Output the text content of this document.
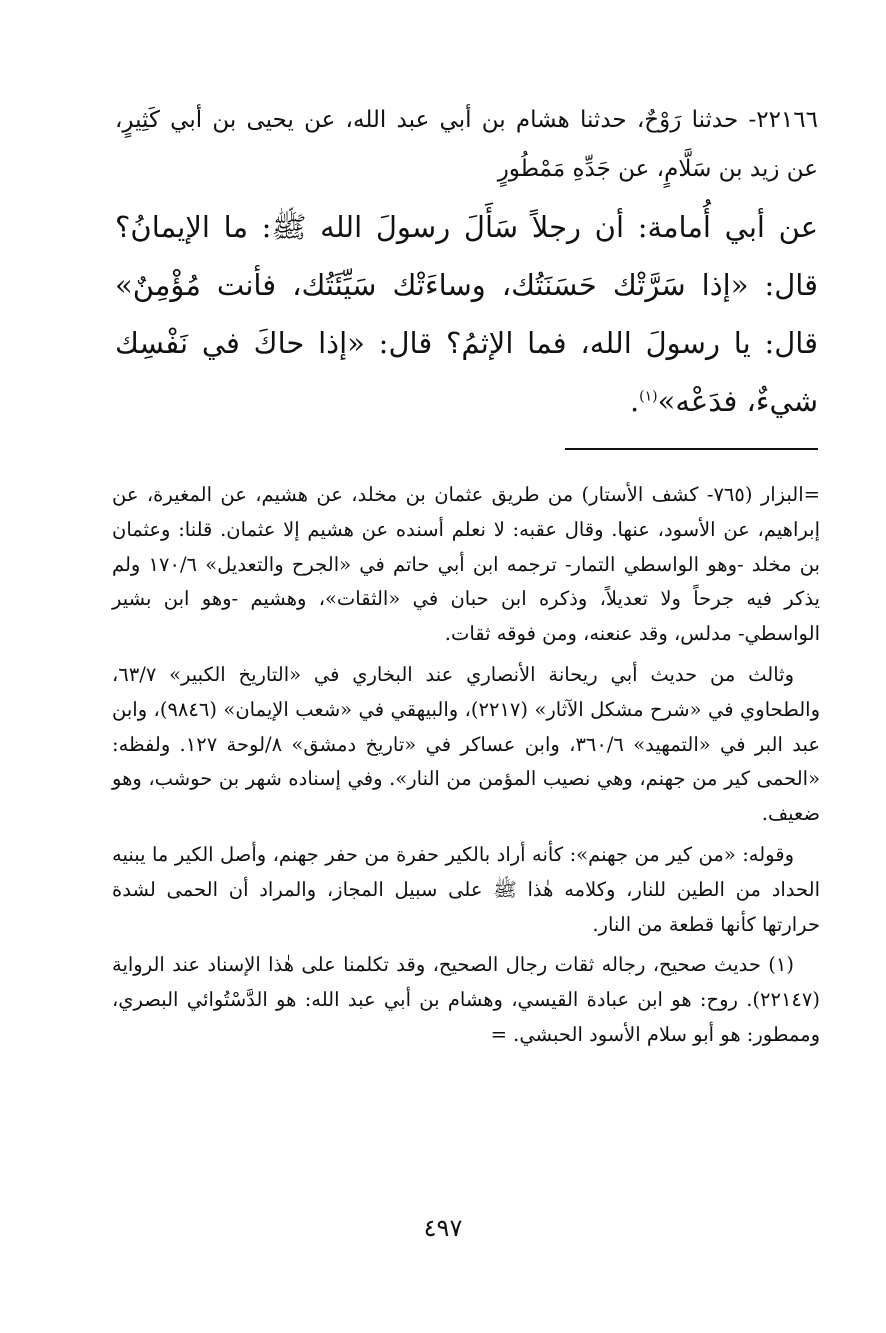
٢٢١٦٦- حدثنا رَوْحٌ، حدثنا هشام بن أبي عبد الله، عن يحيى بن أبي كَثِيرٍ، عن زيد بن سَلَّامٍ، عن جَدِّهِ مَمْطُورٍ

عن أبي أُمامة: أن رجلاً سَأَلَ رسولَ الله ﷺ: ما الإيمانُ؟ قال: «إذا سَرَّتْك حَسَنَتُك، وساءَتْك سَيِّئَتُك، فأنت مُؤْمِنٌ» قال: يا رسولَ الله، فما الإثمُ؟ قال: «إذا حاكَ في نَفْسِك شيءٌ، فدَعْه»$^{(١)}$.

=البزار (٧٦٥- كشف الأستار) من طريق عثمان بن مخلد، عن هشيم، عن المغيرة، عن إبراهيم، عن الأسود، عنها. وقال عقبه: لا نعلم أسنده عن هشيم إلا عثمان. قلنا: وعثمان بن مخلد -وهو الواسطي التمار- ترجمه ابن أبي حاتم في «الجرح والتعديل» ١٧٠/٦ ولم يذكر فيه جرحاً ولا تعديلاً، وذكره ابن حبان في «الثقات»، وهشيم -وهو ابن بشير الواسطي- مدلس، وقد عنعنه، ومن فوقه ثقات.

وثالث من حديث أبي ريحانة الأنصاري عند البخاري في «التاريخ الكبير» ٦٣/٧، والطحاوي في «شرح مشكل الآثار» (٢٢١٧)، والبيهقي في «شعب الإيمان» (٩٨٤٦)، وابن عبد البر في «التمهيد» ٣٦٠/٦، وابن عساكر في «تاريخ دمشق» ٨/لوحة ١٢٧. ولفظه: «الحمى كير من جهنم، وهي نصيب المؤمن من النار». وفي إسناده شهر بن حوشب، وهو ضعيف.

وقوله: «من كير من جهنم»: كأنه أراد بالكير حفرة من حفر جهنم، وأصل الكير ما يبنيه الحداد من الطين للنار، وكلامه هٰذا ﷺ على سبيل المجاز، والمراد أن الحمى لشدة حرارتها كأنها قطعة من النار.

(١) حديث صحيح، رجاله ثقات رجال الصحيح، وقد تكلمنا على هٰذا الإسناد عند الرواية (٢٢١٤٧). روح: هو ابن عبادة القيسي، وهشام بن أبي عبد الله: هو الدَّسْتُوائي البصري، وممطور: هو أبو سلام الأسود الحبشي. =

٤٩٧
